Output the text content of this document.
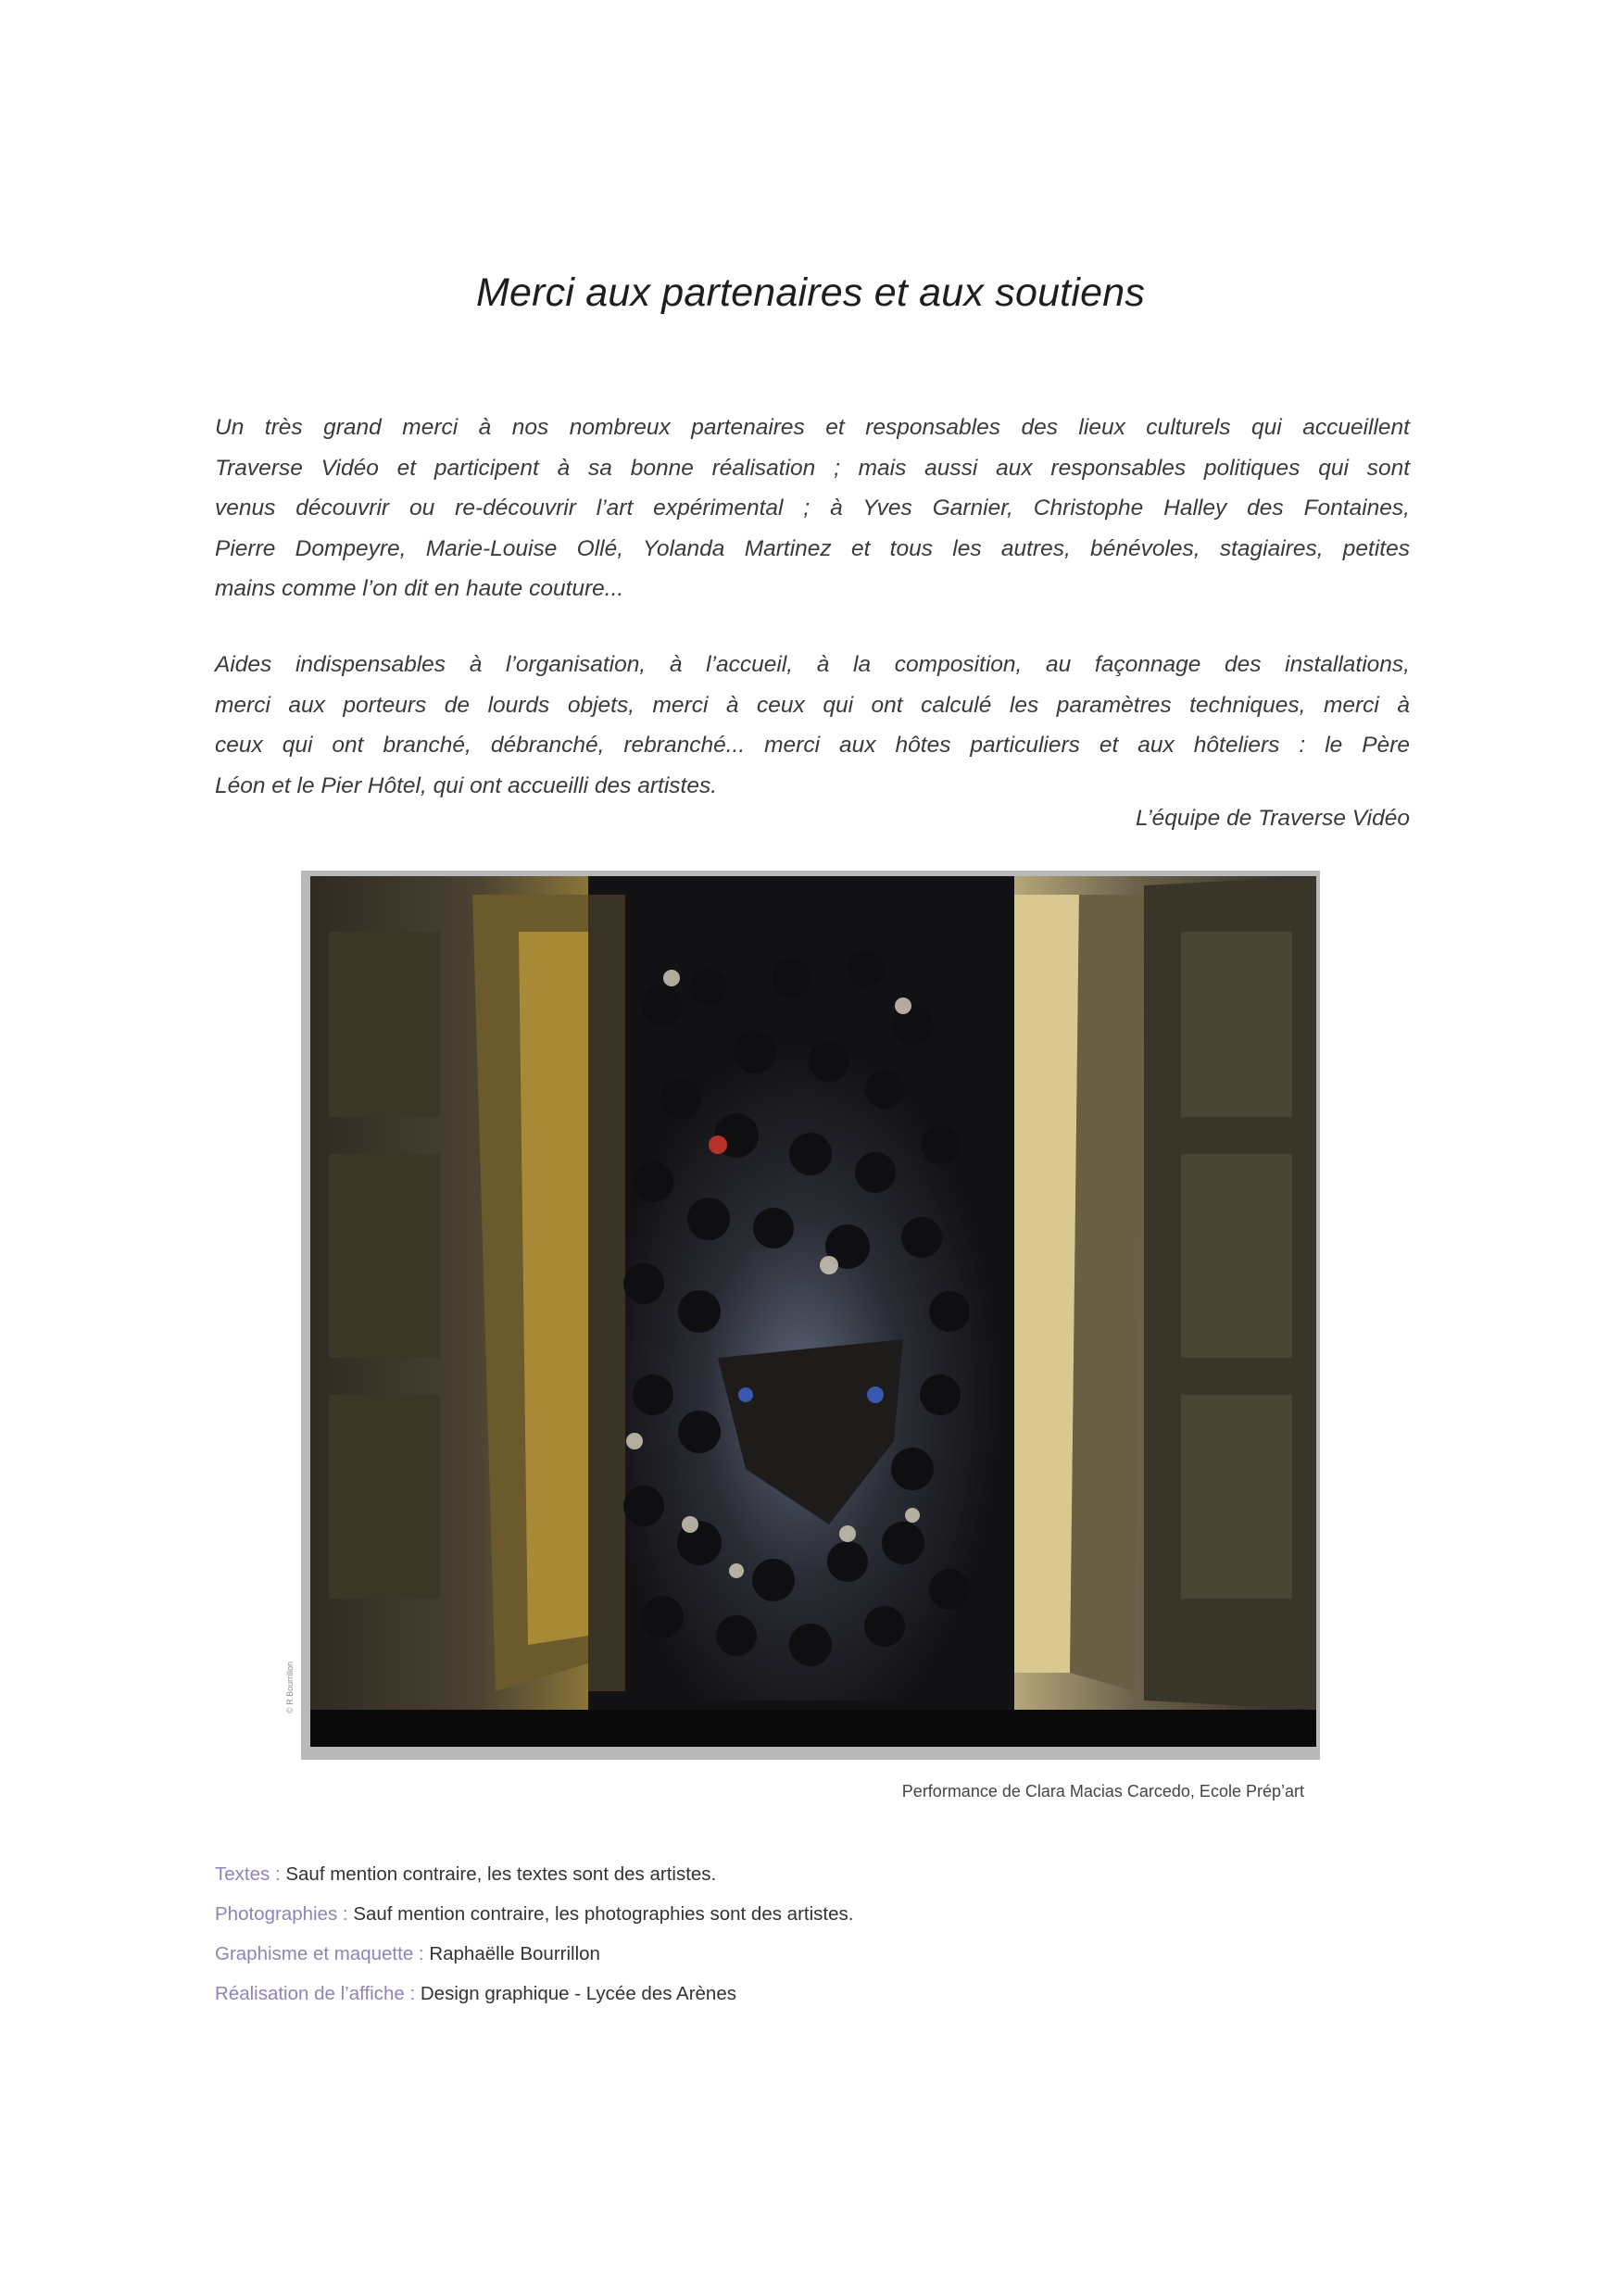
Merci aux partenaires et aux soutiens
Un très grand merci à nos nombreux partenaires et responsables des lieux culturels qui accueillent
Traverse Vidéo et participent à sa bonne réalisation ; mais aussi aux responsables politiques qui sont
venus découvrir ou re-découvrir l’art expérimental ; à Yves Garnier, Christophe Halley des Fontaines,
Pierre Dompeyre, Marie-Louise Ollé, Yolanda Martinez et tous les autres, bénévoles, stagiaires, petites
mains comme l’on dit en haute couture...
Aides indispensables à l’organisation, à l’accueil, à la composition, au façonnage des installations,
merci aux porteurs de lourds objets, merci à ceux qui ont calculé les paramètres techniques, merci à
ceux qui ont branché, débranché, rebranché... merci aux hôtes particuliers et aux hôteliers : le Père
Léon et le Pier Hôtel, qui ont accueilli des artistes.
L’équipe de Traverse Vidéo
© R.Bourrillon
Performance de Clara Macias Carcedo, Ecole Prép’art
Textes : Sauf mention contraire, les textes sont des artistes.
Photographies : Sauf mention contraire, les photographies sont des artistes.
Graphisme et maquette : Raphaëlle Bourrillon
Réalisation de l’affiche : Design graphique - Lycée des Arènes
